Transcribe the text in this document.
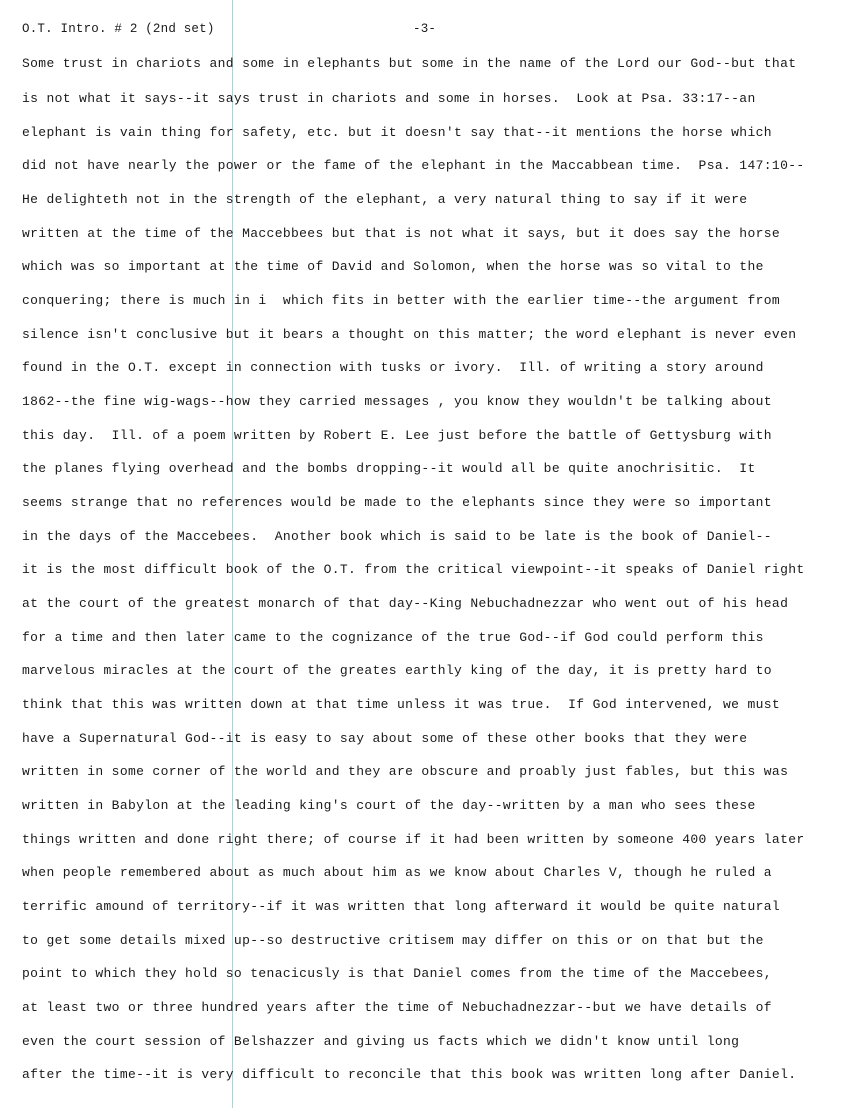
O.T. Intro. # 2 (2nd set)	-3-
Some trust in chariots and some in elephants but some in the name of the Lord our God--but that
is not what it says--it says trust in chariots and some in horses.  Look at Psa. 33:17--an
elephant is vain thing for safety, etc. but it doesn't say that--it mentions the horse which
did not have nearly the power or the fame of the elephant in the Maccabbean time.  Psa. 147:10--
He delighteth not in the strength of the elephant, a very natural thing to say if it were
written at the time of the Maccebbees but that is not what it says, but it does say the horse
which was so important at the time of David and Solomon, when the horse was so vital to the
conquering; there is much in i  which fits in better with the earlier time--the argument from
silence isn't conclusive but it bears a thought on this matter; the word elephant is never even
found in the O.T. except in connection with tusks or ivory.  Ill. of writing a story around
1862--the fine wig-wags--how they carried messages , you know they wouldn't be talking about
this day.  Ill. of a poem written by Robert E. Lee just before the battle of Gettysburg with
the planes flying overhead and the bombs dropping--it would all be quite anochrisitic.  It
seems strange that no references would be made to the elephants since they were so important
in the days of the Maccebees.  Another book which is said to be late is the book of Daniel--
it is the most difficult book of the O.T. from the critical viewpoint--it speaks of Daniel right
at the court of the greatest monarch of that day--King Nebuchadnezzar who went out of his head
for a time and then later came to the cognizance of the true God--if God could perform this
marvelous miracles at the court of the greates earthly king of the day, it is pretty hard to
think that this was written down at that time unless it was true.  If God intervened, we must
have a Supernatural God--it is easy to say about some of these other books that they were
written in some corner of the world and they are obscure and proably just fables, but this was
written in Babylon at the leading king's court of the day--written by a man who sees these
things written and done right there; of course if it had been written by someone 400 years later
when people remembered about as much about him as we know about Charles V, though he ruled a
terrific amound of territory--if it was written that long afterward it would be quite natural
to get some details mixed up--so destructive critisem may differ on this or on that but the
point to which they hold so tenacicusly is that Daniel comes from the time of the Maccebees,
at least two or three hundred years after the time of Nebuchadnezzar--but we have details of
even the court session of Belshazzer and giving us facts which we didn't know until long
after the time--it is very difficult to reconcile that this book was written long after Daniel.
